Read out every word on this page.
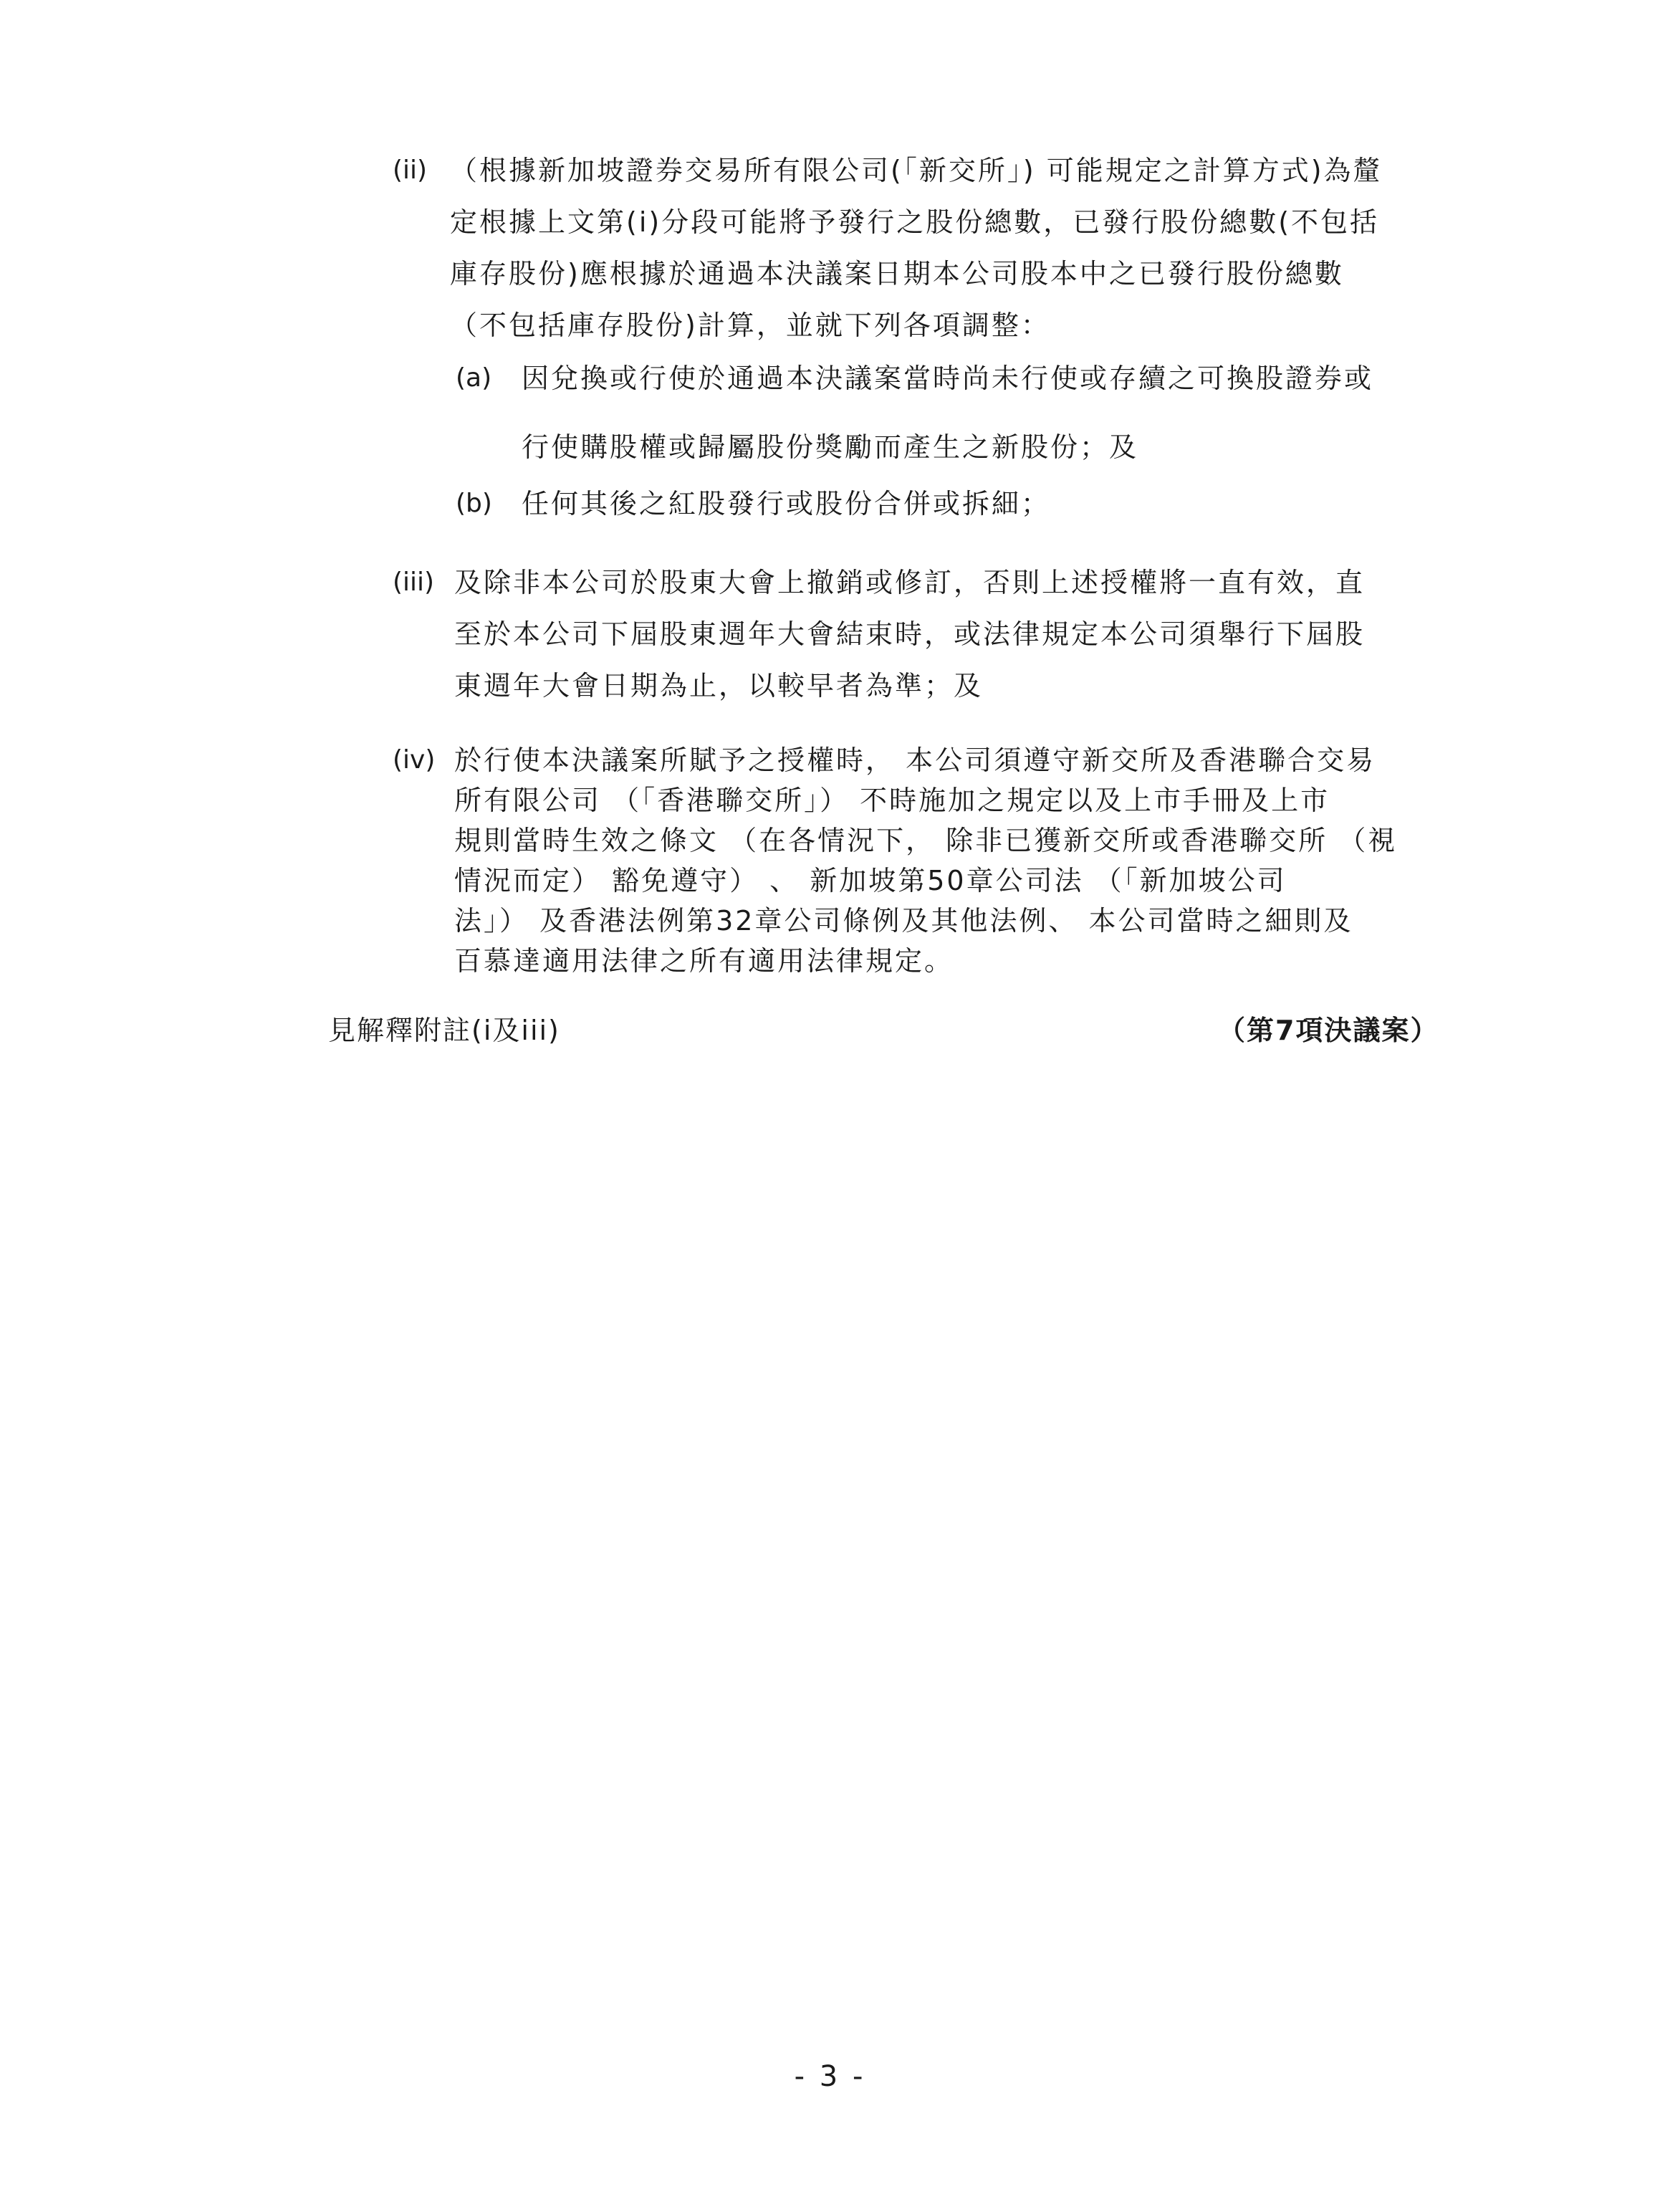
(ii) （根據新加坡證券交易所有限公司(「新交所」) 可能規定之計算方式)為釐
定根據上文第(i)分段可能將予發行之股份總數，已發行股份總數(不包括
庫存股份)應根據於通過本決議案日期本公司股本中之已發行股份總數
（不包括庫存股份)計算，並就下列各項調整：
(a) 因兌換或行使於通過本決議案當時尚未行使或存續之可換股證券或
行使購股權或歸屬股份獎勵而產生之新股份；及
(b) 任何其後之紅股發行或股份合併或拆細；
(iii) 及除非本公司於股東大會上撤銷或修訂，否則上述授權將一直有效，直
至於本公司下屆股東週年大會結束時，或法律規定本公司須舉行下屆股
東週年大會日期為止，以較早者為準；及
(iv) 於行使本決議案所賦予之授權時， 本公司須遵守新交所及香港聯合交易
所有限公司 （「香港聯交所」） 不時施加之規定以及上市手冊及上市
規則當時生效之條文 （在各情況下， 除非已獲新交所或香港聯交所 （視
情況而定） 豁免遵守） 、 新加坡第50章公司法 （「新加坡公司
法」） 及香港法例第32章公司條例及其他法例、 本公司當時之細則及
百慕達適用法律之所有適用法律規定。
見解釋附註(i及iii)	（第7項決議案）
- 3 -
